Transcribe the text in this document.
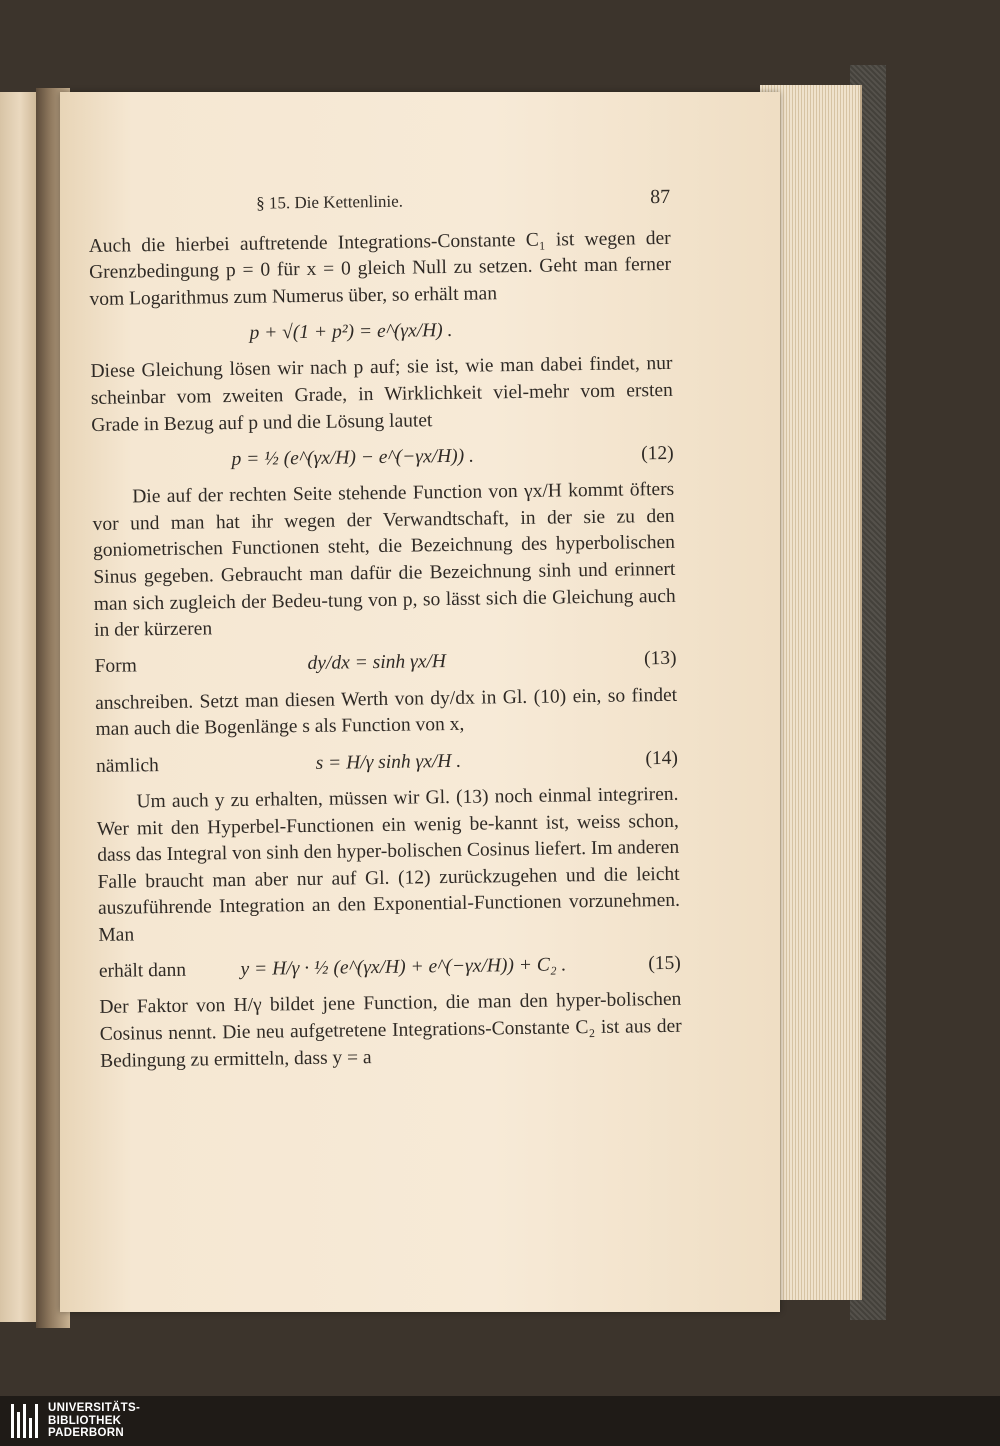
§ 15. Die Kettenlinie.	87

Auch die hierbei auftretende Integrations-Constante C₁ ist wegen der Grenzbedingung p = 0 für x = 0 gleich Null zu setzen. Geht man ferner vom Logarithmus zum Numerus über, so erhält man

p + √(1 + p²) = e^(γx/H) .

Diese Gleichung lösen wir nach p auf; sie ist, wie man dabei findet, nur scheinbar vom zweiten Grade, in Wirklichkeit viel-mehr vom ersten Grade in Bezug auf p und die Lösung lautet

p = ½ (e^(γx/H) − e^(−γx/H)) .	(12)

Die auf der rechten Seite stehende Function von γx/H kommt öfters vor und man hat ihr wegen der Verwandtschaft, in der sie zu den goniometrischen Functionen steht, die Bezeichnung des hyperbolischen Sinus gegeben. Gebraucht man dafür die Bezeichnung sinh und erinnert man sich zugleich der Bedeu-tung von p, so lässt sich die Gleichung auch in der kürzeren

Form	dy/dx = sinh γx/H	(13)

anschreiben. Setzt man diesen Werth von dy/dx in Gl. (10) ein, so findet man auch die Bogenlänge s als Function von x,

nämlich	s = H/γ sinh γx/H .	(14)

Um auch y zu erhalten, müssen wir Gl. (13) noch einmal integriren. Wer mit den Hyperbel-Functionen ein wenig be-kannt ist, weiss schon, dass das Integral von sinh den hyper-bolischen Cosinus liefert. Im anderen Falle braucht man aber nur auf Gl. (12) zurückzugehen und die leicht auszuführende Integration an den Exponential-Functionen vorzunehmen. Man

erhält dann	y = H/γ · ½ (e^(γx/H) + e^(−γx/H)) + C₂ .	(15)

Der Faktor von H/γ bildet jene Function, die man den hyper-bolischen Cosinus nennt. Die neu aufgetretene Integrations-Constante C₂ ist aus der Bedingung zu ermitteln, dass y = a

UNIVERSITÄTS-
BIBLIOTHEK
PADERBORN
